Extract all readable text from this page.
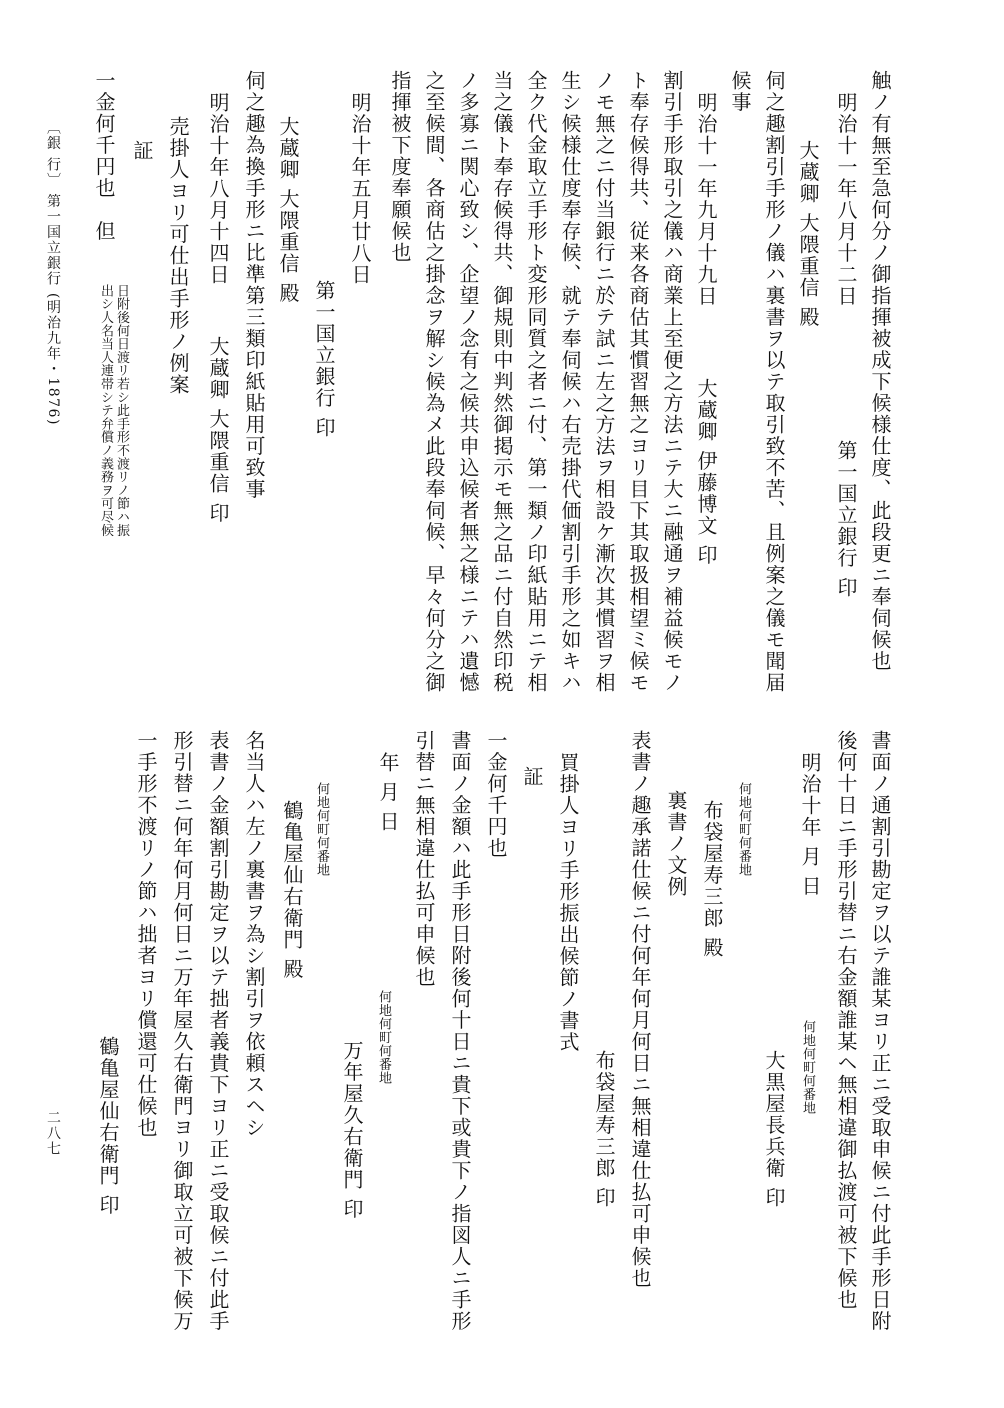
触ノ有無至急何分ノ御指揮被成下候様仕度、此段更ニ奉伺候也
明治十一年八月十二日
第一国立銀行 印
大蔵卿 大隈重信 殿
伺之趣割引手形ノ儀ハ裏書ヲ以テ取引致不苦、且例案之儀モ聞届
候事
明治十一年九月十九日
大蔵卿 伊藤博文 印
割引手形取引之儀ハ商業上至便之方法ニテ大ニ融通ヲ補益候モノ
ト奉存候得共、従来各商估其慣習無之ヨリ目下其取扱相望ミ候モ
ノモ無之ニ付当銀行ニ於テ試ニ左之方法ヲ相設ケ漸次其慣習ヲ相
生シ候様仕度奉存候、就テ奉伺候ハ右売掛代価割引手形之如キハ
全ク代金取立手形ト変形同質之者ニ付、第一類ノ印紙貼用ニテ相
当之儀ト奉存候得共、御規則中判然御掲示モ無之品ニ付自然印税
ノ多寡ニ関心致シ、企望ノ念有之候共申込候者無之様ニテハ遺憾
之至候間、各商估之掛念ヲ解シ候為メ此段奉伺候、早々何分之御
指揮被下度奉願候也
明治十年五月廿八日
第一国立銀行 印
大蔵卿 大隈重信 殿
伺之趣為換手形ニ比準第三類印紙貼用可致事
明治十年八月十四日
大蔵卿 大隈重信 印
売掛人ヨリ可仕出手形ノ例案
証
一金何千円也　但
日附後何日渡リ若シ此手形不渡リノ節ハ振
出シ人名当人連帯シテ弁償ノ義務ヲ可尽候
〔銀 行〕 第一国立銀行 (明治九年・1876)
書面ノ通割引勘定ヲ以テ誰某ヨリ正ニ受取申候ニ付此手形日附
後何十日ニ手形引替ニ右金額誰某ヘ無相違御払渡可被下候也
明治十年 月 日
何地何町何番地
大黒屋長兵衛 印
何地何町何番地
布袋屋寿三郎 殿
裏書ノ文例
表書ノ趣承諾仕候ニ付何年何月何日ニ無相違仕払可申候也
布袋屋寿三郎 印
買掛人ヨリ手形振出候節ノ書式
証
一金何千円也
書面ノ金額ハ此手形日附後何十日ニ貴下或貴下ノ指図人ニ手形
引替ニ無相違仕払可申候也
年 月 日
何地何町何番地
万年屋久右衛門 印
何地何町何番地
鶴亀屋仙右衛門 殿
名当人ハ左ノ裏書ヲ為シ割引ヲ依頼スヘシ
表書ノ金額割引勘定ヲ以テ拙者義貴下ヨリ正ニ受取候ニ付此手
形引替ニ何年何月何日ニ万年屋久右衛門ヨリ御取立可被下候万
一手形不渡リノ節ハ拙者ヨリ償還可仕候也
鶴亀屋仙右衛門 印
二八七
